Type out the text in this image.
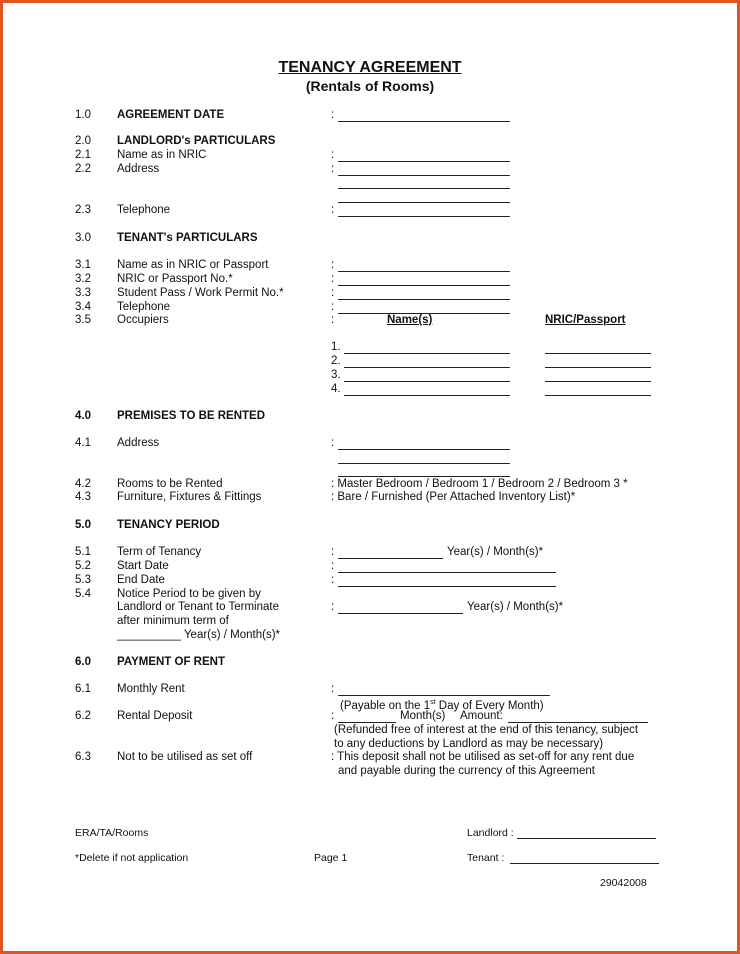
TENANCY AGREEMENT
(Rentals of Rooms)
1.0 AGREEMENT DATE	:
2.0 LANDLORD's PARTICULARS
2.1 Name as in NRIC	:
2.2 Address	:
2.3 Telephone	:
3.0 TENANT's PARTICULARS
3.1 Name as in NRIC or Passport	:
3.2 NRIC or Passport No.*	:
3.3 Student Pass / Work Permit No.*	:
3.4 Telephone	:
3.5 Occupiers	:	Name(s)	NRIC/Passport
1.
2.
3.
4.
4.0 PREMISES TO BE RENTED
4.1 Address	:
4.2 Rooms to be Rented	: Master Bedroom / Bedroom 1 / Bedroom 2 / Bedroom 3 *
4.3 Furniture, Fixtures & Fittings	: Bare / Furnished (Per Attached Inventory List)*
5.0 TENANCY PERIOD
5.1 Term of Tenancy	:	Year(s) / Month(s)*
5.2 Start Date	:
5.3 End Date	:
5.4 Notice Period to be given by
Landlord or Tenant to Terminate
after minimum term of
__________ Year(s) / Month(s)*
:	Year(s) / Month(s)*
6.0 PAYMENT OF RENT
6.1 Monthly Rent	:
(Payable on the 1st Day of Every Month)
6.2 Rental Deposit	:	Month(s) Amount:
(Refunded free of interest at the end of this tenancy, subject
to any deductions by Landlord as may be necessary)
6.3 Not to be utilised as set off	: This deposit shall not be utilised as set-off for any rent due
and payable during the currency of this Agreement
ERA/TA/Rooms	Landlord :
*Delete if not application	Page 1	Tenant :
29042008
